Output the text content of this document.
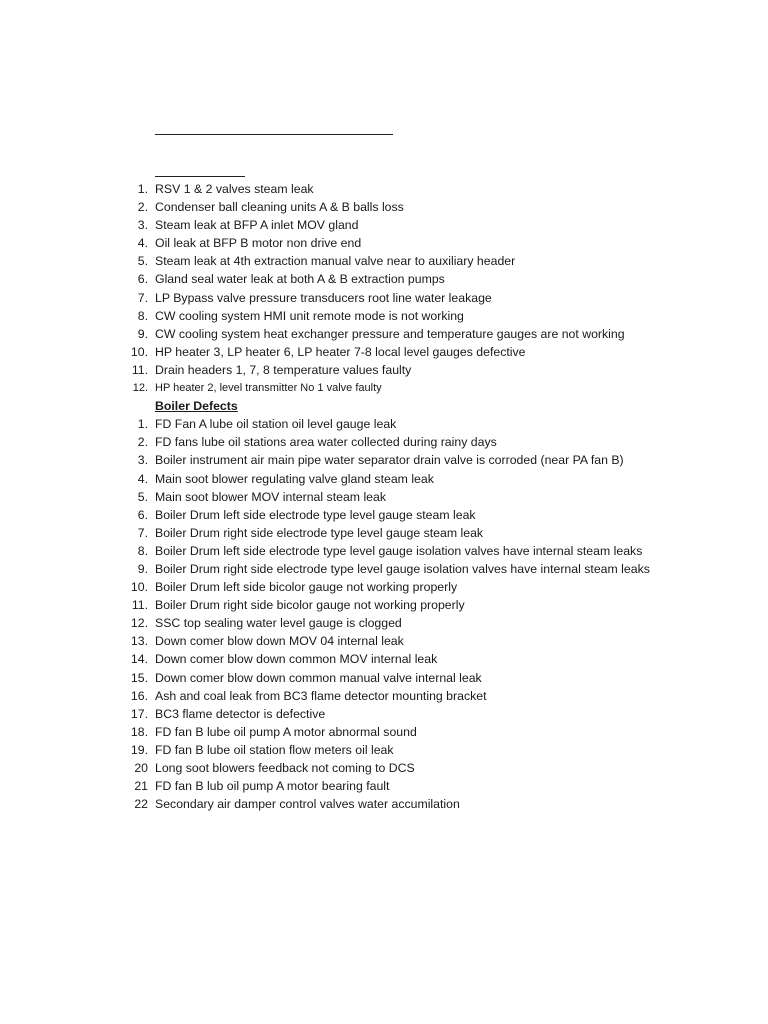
1. RSV 1 & 2 valves steam leak
2. Condenser ball cleaning units A & B balls loss
3. Steam leak at BFP A inlet MOV gland
4. Oil leak at BFP B motor non drive end
5. Steam leak at 4th extraction manual valve near to auxiliary header
6. Gland seal water leak at both A & B extraction pumps
7. LP Bypass valve pressure transducers root line water leakage
8. CW cooling system HMI unit remote mode is not working
9. CW cooling system heat exchanger pressure and temperature gauges are not working
10. HP heater 3, LP heater 6, LP heater 7-8 local level gauges defective
11. Drain headers 1, 7, 8 temperature values faulty
12. HP heater 2, level transmitter No 1 valve faulty
Boiler Defects
1. FD Fan A lube oil station oil level gauge leak
2. FD fans lube oil stations area water collected during rainy days
3. Boiler instrument air main pipe water separator drain valve is corroded (near PA fan B)
4. Main soot blower regulating valve gland steam leak
5. Main soot blower MOV internal steam leak
6. Boiler Drum left side electrode type level gauge steam leak
7. Boiler Drum right side electrode type level gauge steam leak
8. Boiler Drum left side electrode type level gauge isolation valves have internal steam leaks
9. Boiler Drum right side electrode type level gauge isolation valves have internal steam leaks
10. Boiler Drum left side bicolor gauge not working properly
11. Boiler Drum right side bicolor gauge not working properly
12. SSC top sealing water level gauge is clogged
13. Down comer blow down MOV 04 internal leak
14. Down comer blow down common MOV internal leak
15. Down comer blow down common manual valve internal leak
16. Ash and coal leak from BC3 flame detector mounting bracket
17. BC3 flame detector is defective
18. FD fan B lube oil pump A motor abnormal sound
19. FD fan B lube oil station flow meters oil leak
20 Long soot blowers feedback not coming to DCS
21 FD fan B lub oil pump A motor bearing fault
22 Secondary air damper control valves water accumilation
